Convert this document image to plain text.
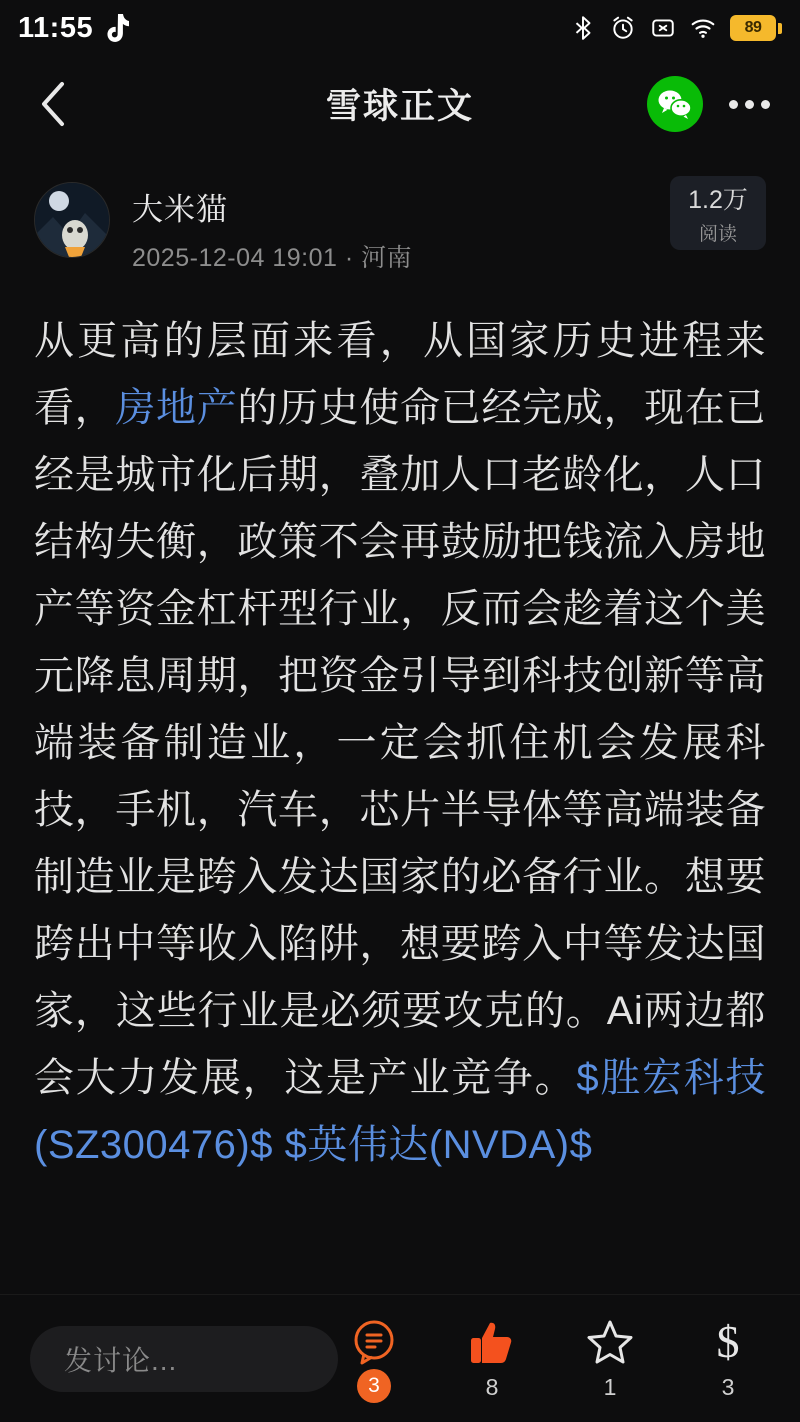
11:55	89
雪球正文
大米猫
2025-12-04 19:01 · 河南
1.2万
阅读
从更高的层面来看，从国家历史进程来看，房地产的历史使命已经完成，现在已经是城市化后期，叠加人口老龄化，人口结构失衡，政策不会再鼓励把钱流入房地产等资金杠杆型行业，反而会趁着这个美元降息周期，把资金引导到科技创新等高端装备制造业，一定会抓住机会发展科技，手机，汽车，芯片半导体等高端装备制造业是跨入发达国家的必备行业。想要跨出中等收入陷阱，想要跨入中等发达国家，这些行业是必须要攻克的。Ai两边都会大力发展，这是产业竞争。$胜宏科技(SZ300476)$ $英伟达(NVDA)$
发讨论...
3	8	1
$
3
